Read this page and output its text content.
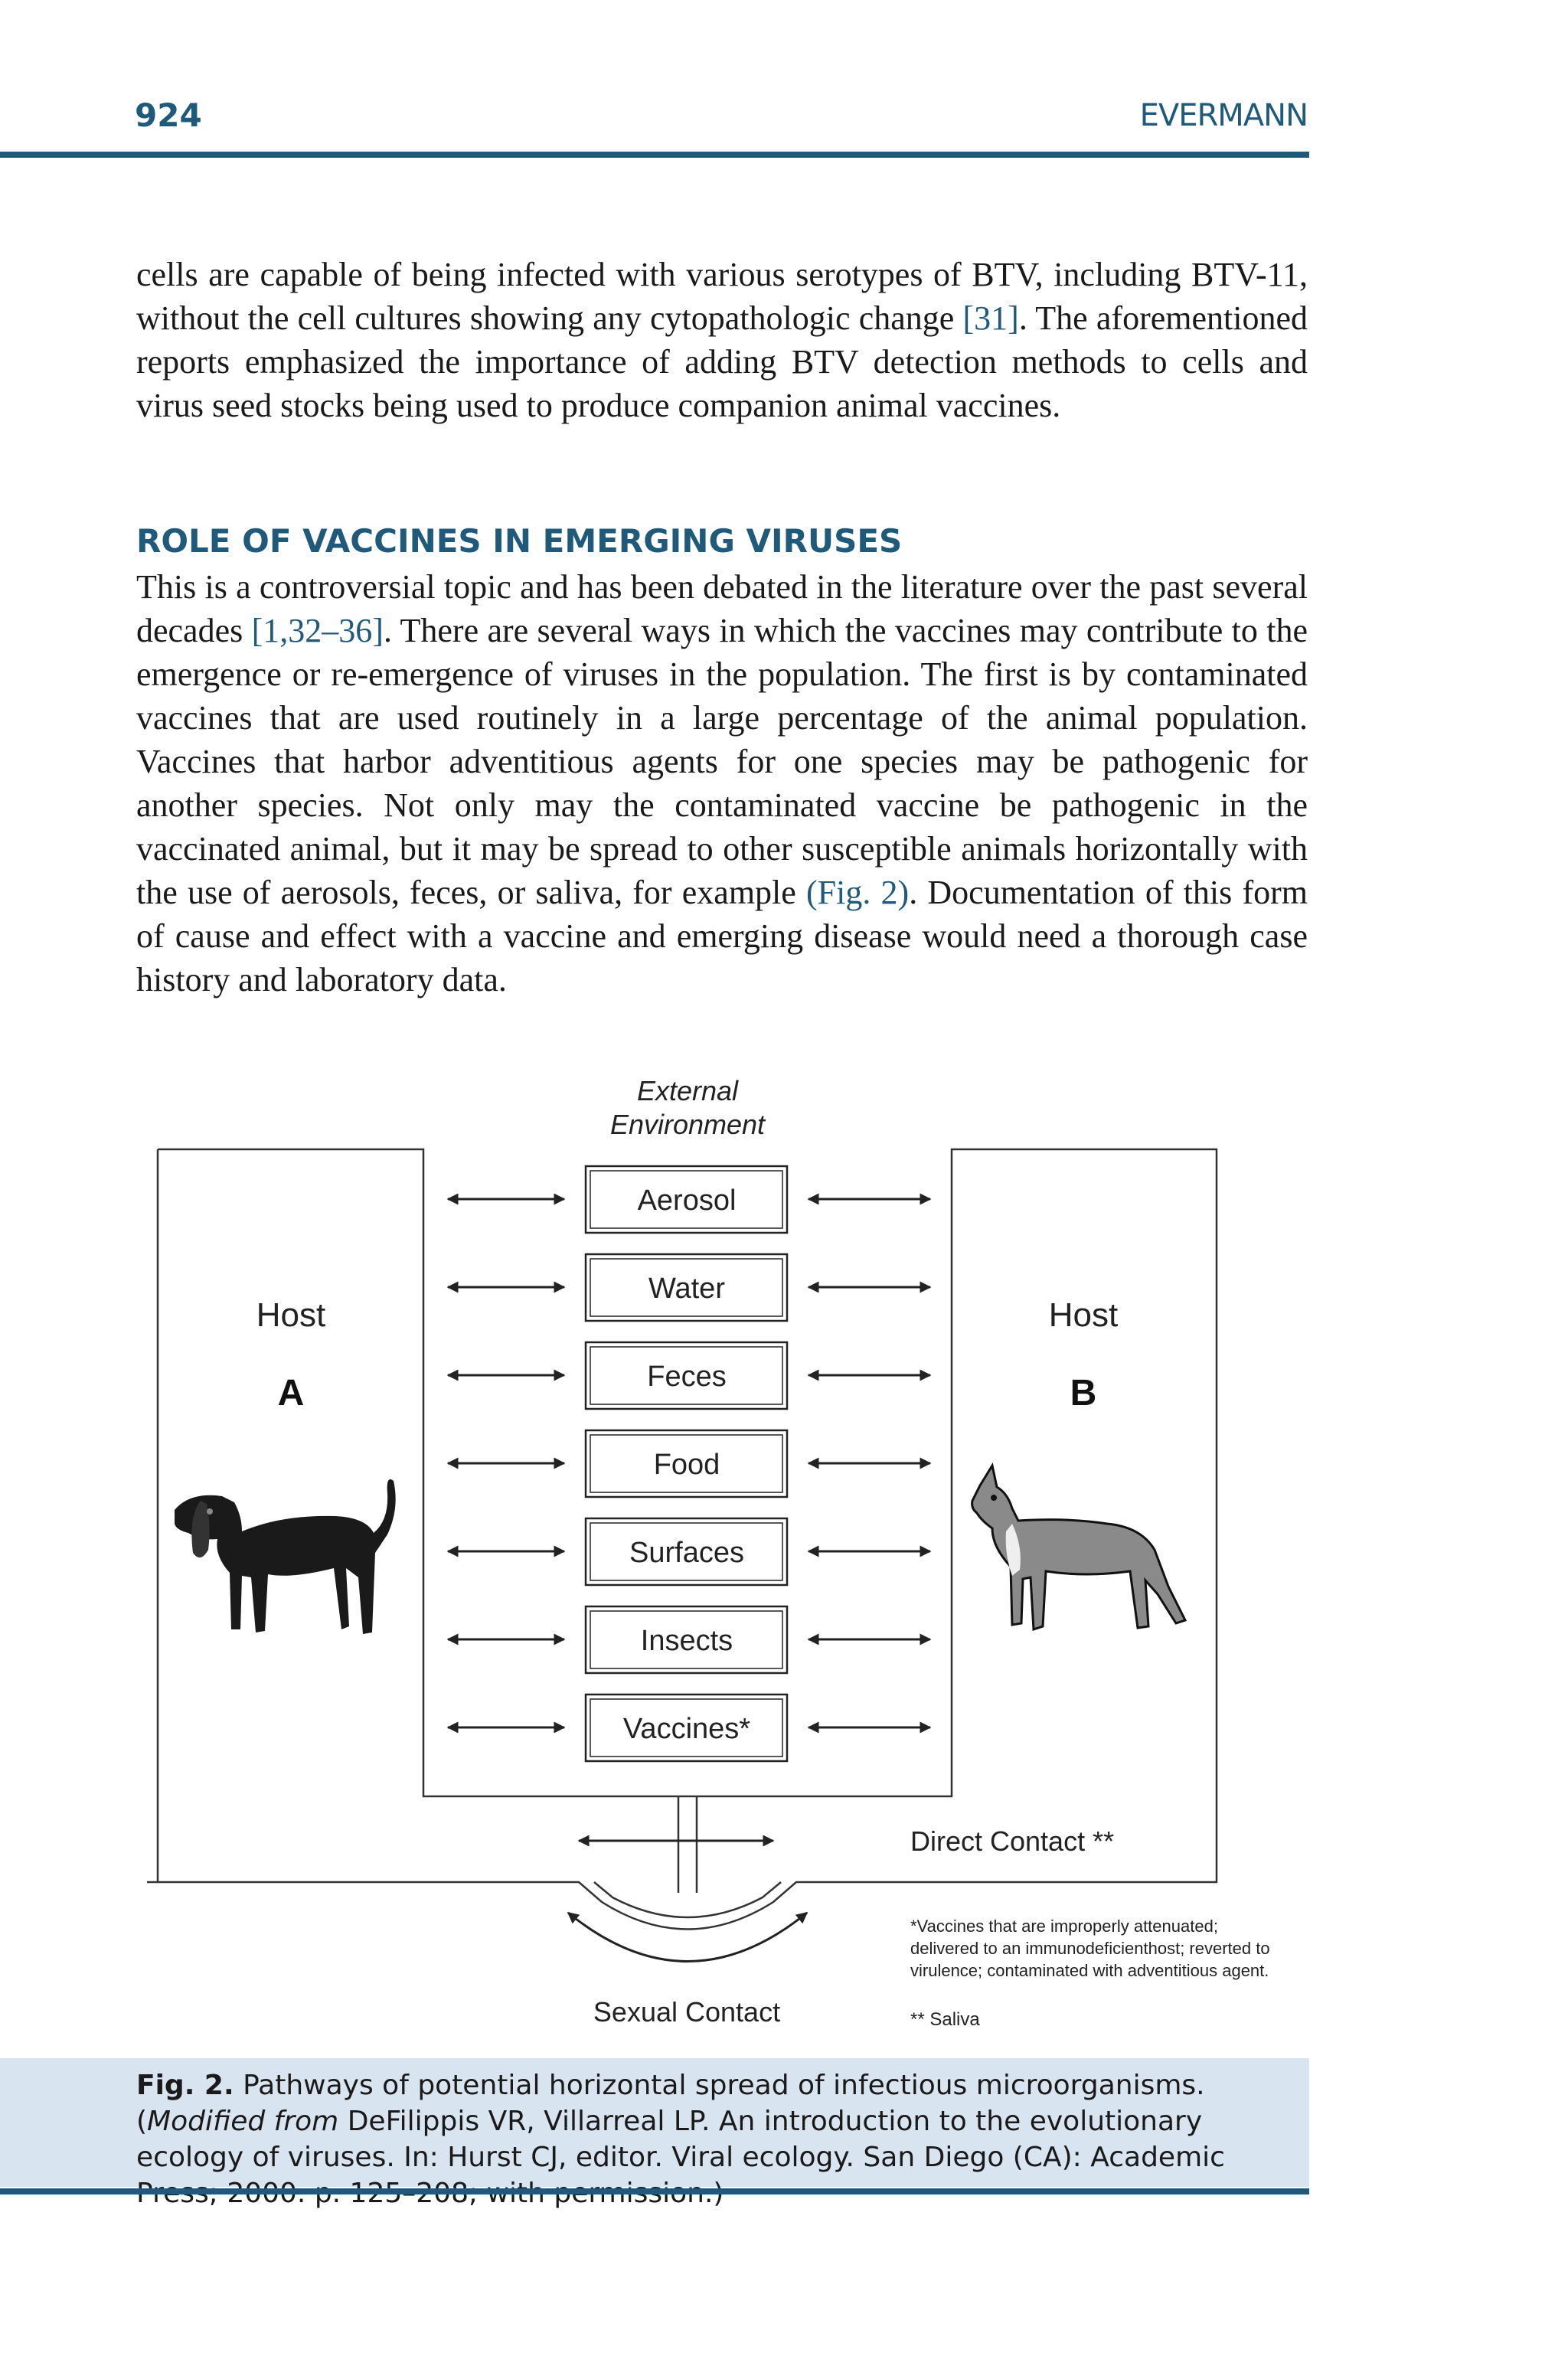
924	EVERMANN

cells are capable of being infected with various serotypes of BTV, including BTV-11, without the cell cultures showing any cytopathologic change [31]. The aforementioned reports emphasized the importance of adding BTV detection methods to cells and virus seed stocks being used to produce companion animal vaccines.

ROLE OF VACCINES IN EMERGING VIRUSES

This is a controversial topic and has been debated in the literature over the past several decades [1,32–36]. There are several ways in which the vaccines may contribute to the emergence or re-emergence of viruses in the population. The first is by contaminated vaccines that are used routinely in a large percentage of the animal population. Vaccines that harbor adventitious agents for one species may be pathogenic for another species. Not only may the contaminated vaccine be pathogenic in the vaccinated animal, but it may be spread to other susceptible animals horizontally with the use of aerosols, feces, or saliva, for example (Fig. 2). Documentation of this form of cause and effect with a vaccine and emerging disease would need a thorough case history and laboratory data.

External
Environment
Host
A
Host
B
Aerosol
Water
Feces
Food
Surfaces
Insects
Vaccines*
Direct Contact **
Sexual Contact
*Vaccines that are improperly attenuated;
delivered to an immunodeficienthost; reverted to
virulence; contaminated with adventitious agent.
** Saliva

Fig. 2. Pathways of potential horizontal spread of infectious microorganisms. (Modified from DeFilippis VR, Villarreal LP. An introduction to the evolutionary ecology of viruses. In: Hurst CJ, editor. Viral ecology. San Diego (CA): Academic
